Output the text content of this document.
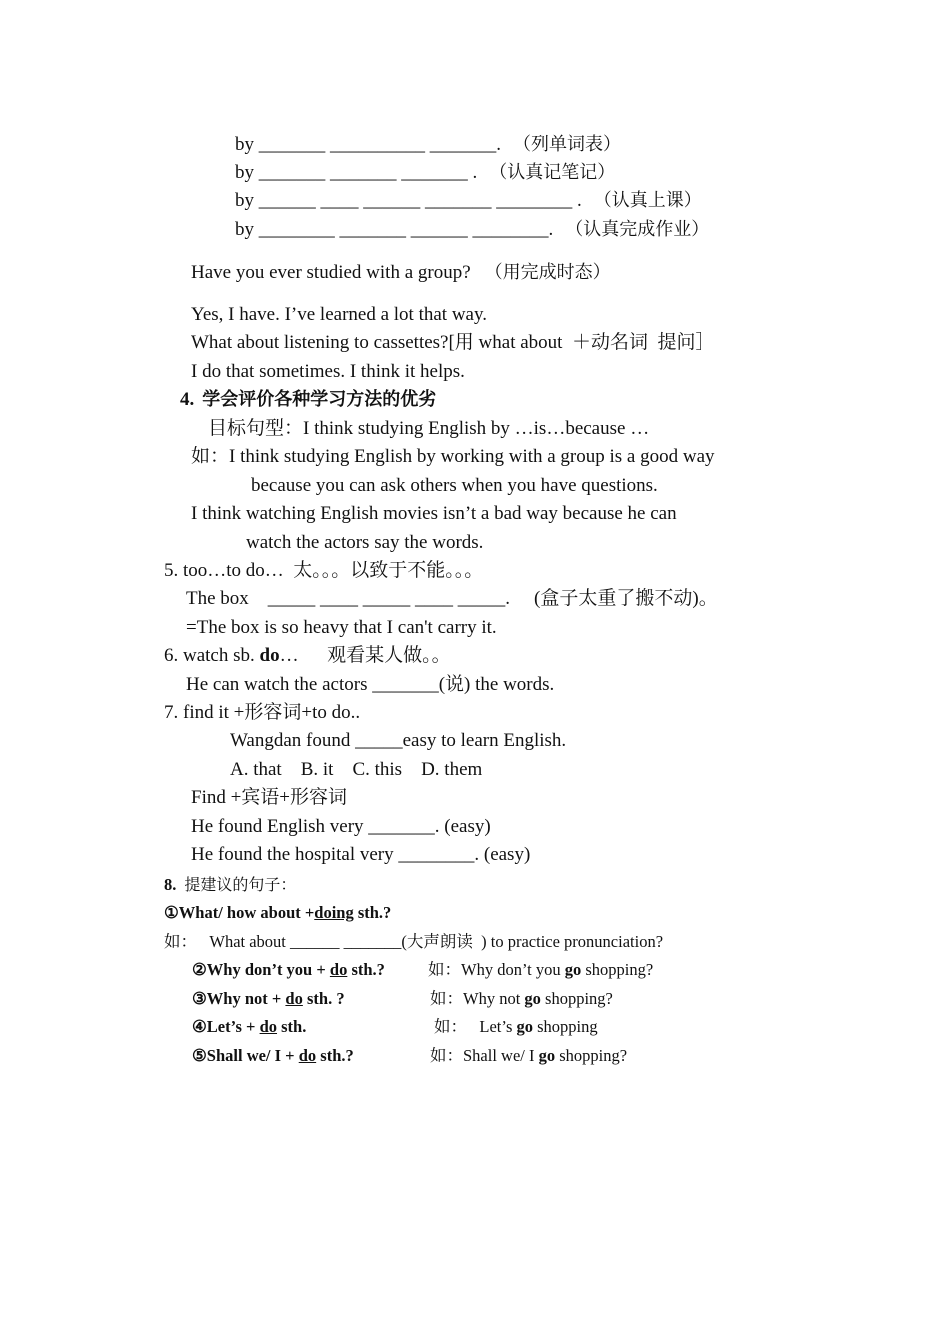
by _______ __________ _______. （列单词表）
by _______ _______ _______ . （认真记笔记）
by ______ ____ ______ _______ ________ . （认真上课）
by ________ _______ ______ ________. （认真完成作业）
Have you ever studied with a group? （用完成时态）
Yes, I have. I’ve learned a lot that way.
What about listening to cassettes?[用 what about  ＋动名词  提问］
I do that sometimes. I think it helps.
4. 学会评价各种学习方法的优劣
目标句型：I think studying English by …is…because …
如：I think studying English by working with a group is a good way
because you can ask others when you have questions.
I think watching English movies isn’t a bad way because he can
watch the actors say the words.
5. too…to do…  太。。。以致于不能。。。
The box    _____ ____ _____ ____ _____. (盒子太重了搬不动)。
=The box is so heavy that I can't carry it.
6. watch sb. do…      观看某人做。。
He can watch the actors _______(说) the words.
7. find it +形容词+to do..
Wangdan found _____easy to learn English.
A. that    B. it    C. this    D. them
Find +宾语+形容词
He found English very _______. (easy)
He found the hospital very ________. (easy)
8. 提建议的句子：
①What/ how about +doing sth.?
如：   What about ______ _______(大声朗读  ) to practice pronunciation?
②Why don’t you + do sth.?	如：Why don’t you go shopping?
③Why not + do sth. ?	如：Why not go shopping?
④Let’s + do sth.	如：   Let’s go shopping
⑤Shall we/ I + do sth.?	如：Shall we/ I go shopping?
